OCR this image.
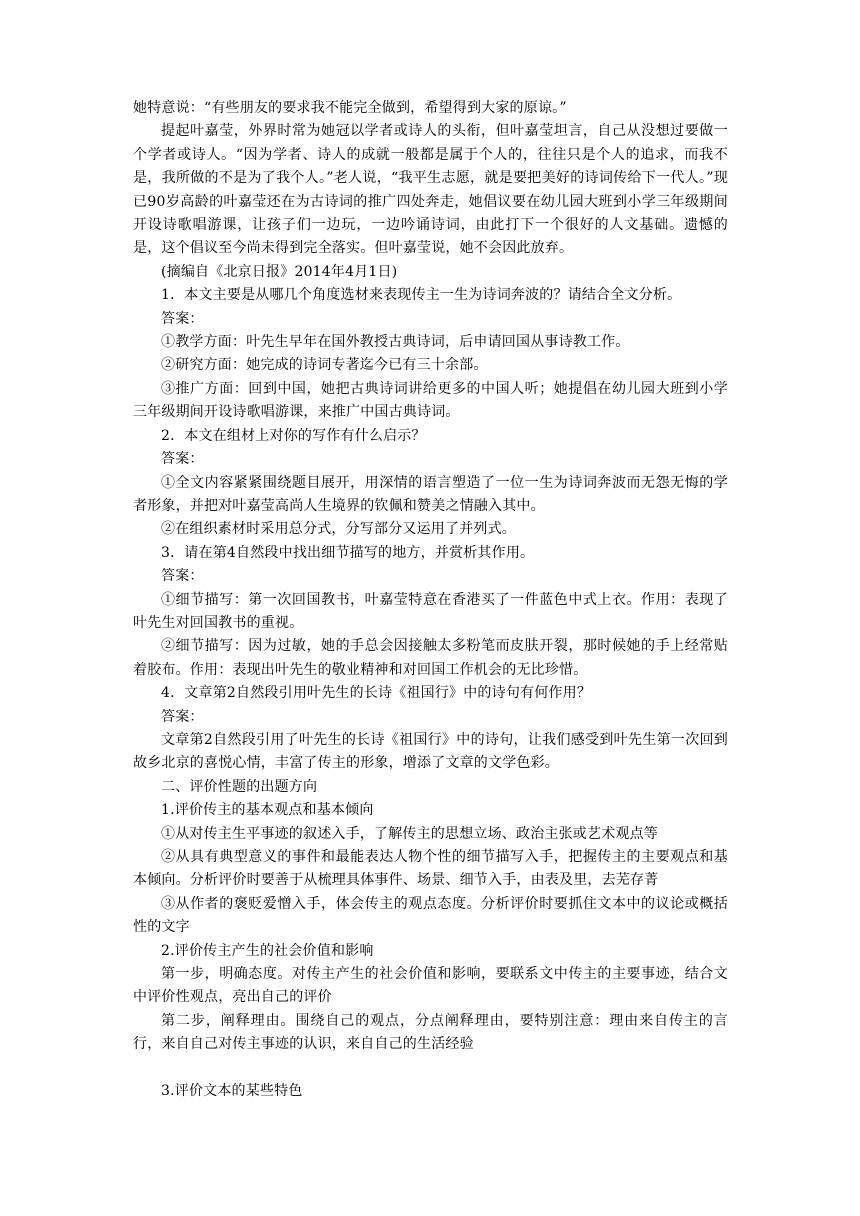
她特意说：“有些朋友的要求我不能完全做到，希望得到大家的原谅。”

提起叶嘉莹，外界时常为她冠以学者或诗人的头衔，但叶嘉莹坦言，自己从没想过要做一个学者或诗人。“因为学者、诗人的成就一般都是属于个人的，往往只是个人的追求，而我不是，我所做的不是为了我个人。”老人说，“我平生志愿，就是要把美好的诗词传给下一代人。”现已90岁高龄的叶嘉莹还在为古诗词的推广四处奔走，她倡议要在幼儿园大班到小学三年级期间开设诗歌唱游课，让孩子们一边玩，一边吟诵诗词，由此打下一个很好的人文基础。遗憾的是，这个倡议至今尚未得到完全落实。但叶嘉莹说，她不会因此放弃。

(摘编自《北京日报》2014年4月1日)

1．本文主要是从哪几个角度选材来表现传主一生为诗词奔波的？请结合全文分析。

答案：

①教学方面：叶先生早年在国外教授古典诗词，后申请回国从事诗教工作。

②研究方面：她完成的诗词专著迄今已有三十余部。

③推广方面：回到中国，她把古典诗词讲给更多的中国人听；她提倡在幼儿园大班到小学三年级期间开设诗歌唱游课，来推广中国古典诗词。

2．本文在组材上对你的写作有什么启示？

答案：

①全文内容紧紧围绕题目展开，用深情的语言塑造了一位一生为诗词奔波而无怨无悔的学者形象，并把对叶嘉莹高尚人生境界的钦佩和赞美之情融入其中。

②在组织素材时采用总分式，分写部分又运用了并列式。

3．请在第4自然段中找出细节描写的地方，并赏析其作用。

答案：

①细节描写：第一次回国教书，叶嘉莹特意在香港买了一件蓝色中式上衣。作用：表现了叶先生对回国教书的重视。

②细节描写：因为过敏，她的手总会因接触太多粉笔而皮肤开裂，那时候她的手上经常贴着胶布。作用：表现出叶先生的敬业精神和对回国工作机会的无比珍惜。

4．文章第2自然段引用叶先生的长诗《祖国行》中的诗句有何作用？

答案：

文章第2自然段引用了叶先生的长诗《祖国行》中的诗句，让我们感受到叶先生第一次回到故乡北京的喜悦心情，丰富了传主的形象，增添了文章的文学色彩。

二、评价性题的出题方向

1.评价传主的基本观点和基本倾向

①从对传主生平事迹的叙述入手，了解传主的思想立场、政治主张或艺术观点等

②从具有典型意义的事件和最能表达人物个性的细节描写入手，把握传主的主要观点和基本倾向。分析评价时要善于从梳理具体事件、场景、细节入手，由表及里，去芜存菁

③从作者的褒贬爱憎入手，体会传主的观点态度。分析评价时要抓住文本中的议论或概括性的文字

2.评价传主产生的社会价值和影响

第一步，明确态度。对传主产生的社会价值和影响，要联系文中传主的主要事迹，结合文中评价性观点，亮出自己的评价

第二步，阐释理由。围绕自己的观点，分点阐释理由，要特别注意：理由来自传主的言行，来自自己对传主事迹的认识，来自自己的生活经验

3.评价文本的某些特色
